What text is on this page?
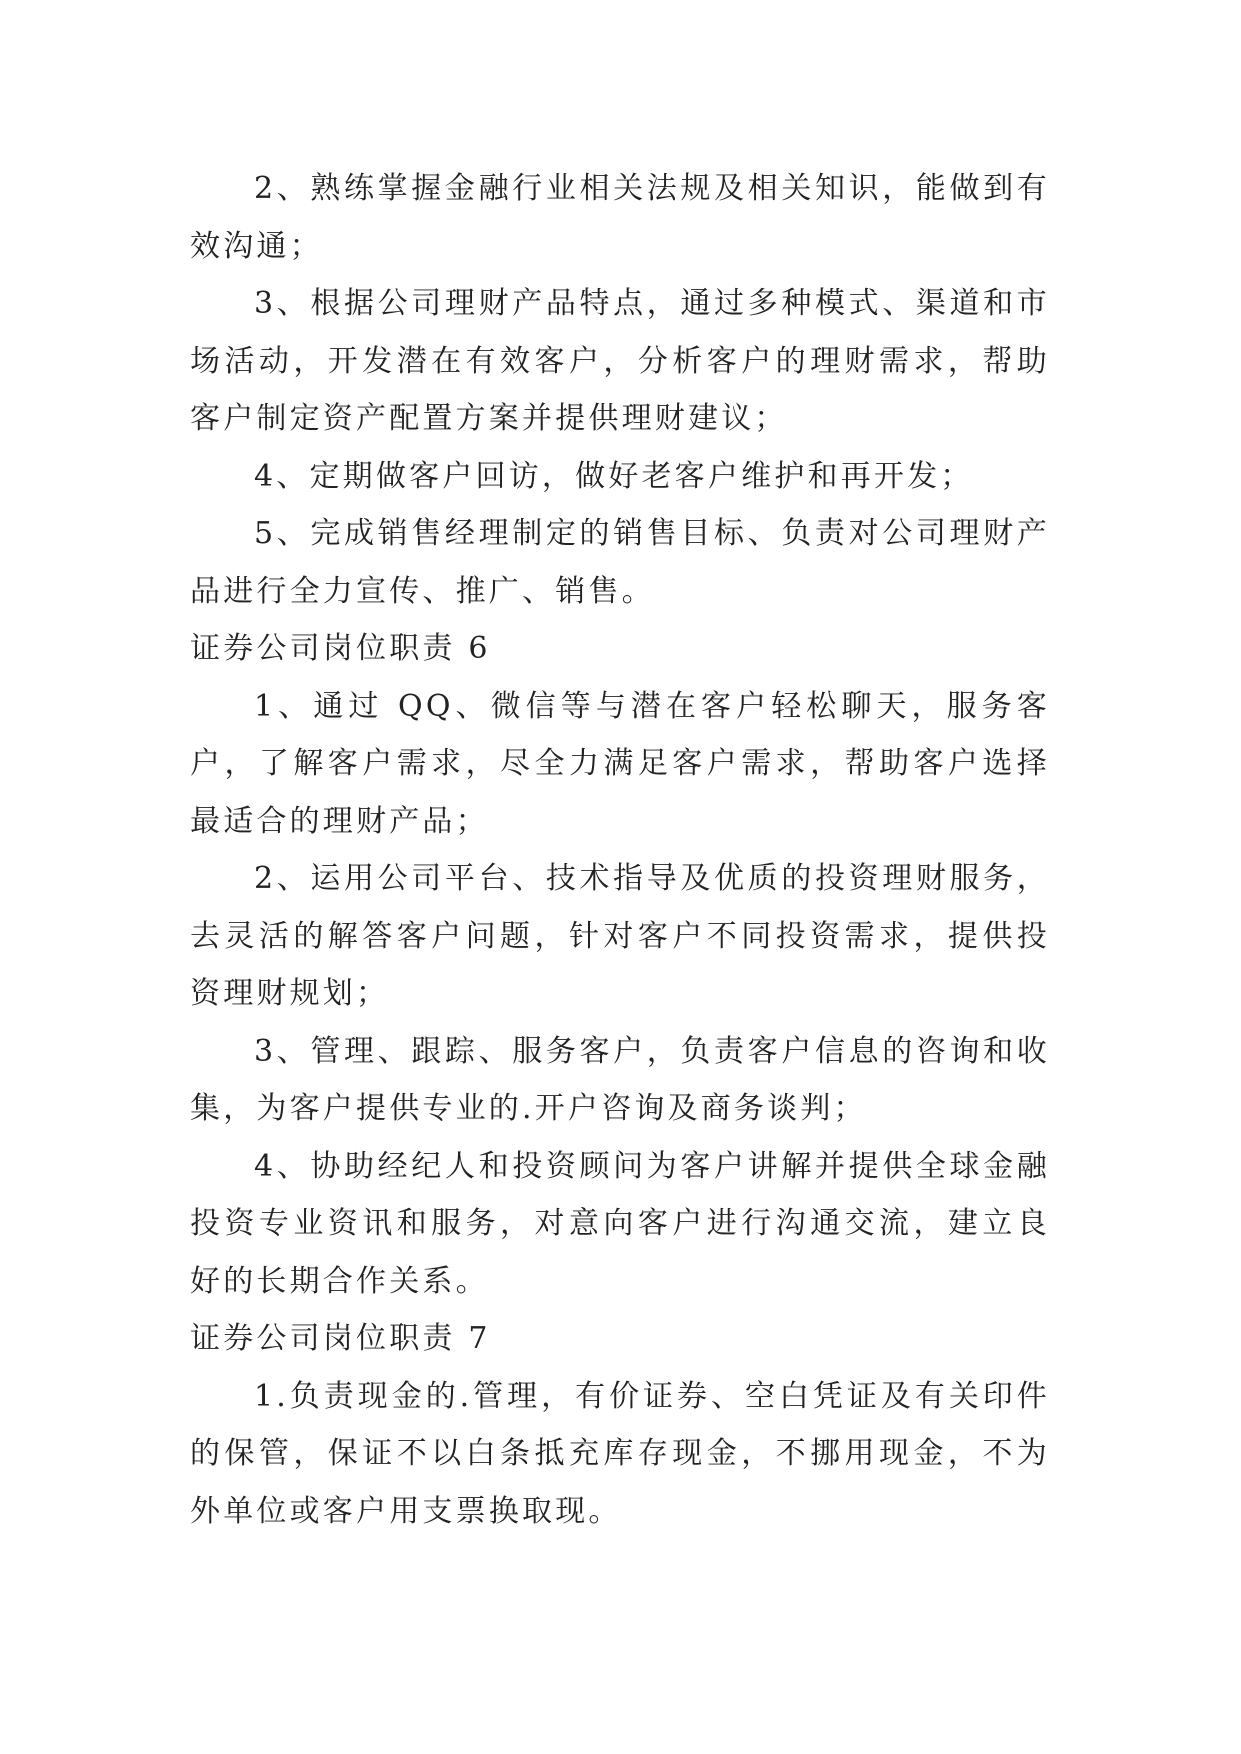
2、熟练掌握金融行业相关法规及相关知识，能做到有效沟通；

3、根据公司理财产品特点，通过多种模式、渠道和市场活动，开发潜在有效客户，分析客户的理财需求，帮助客户制定资产配置方案并提供理财建议；

4、定期做客户回访，做好老客户维护和再开发；

5、完成销售经理制定的销售目标、负责对公司理财产品进行全力宣传、推广、销售。

证券公司岗位职责 6

1、通过 QQ、微信等与潜在客户轻松聊天，服务客户，了解客户需求，尽全力满足客户需求，帮助客户选择最适合的理财产品；

2、运用公司平台、技术指导及优质的投资理财服务，去灵活的解答客户问题，针对客户不同投资需求，提供投资理财规划；

3、管理、跟踪、服务客户，负责客户信息的咨询和收集，为客户提供专业的.开户咨询及商务谈判；

4、协助经纪人和投资顾问为客户讲解并提供全球金融投资专业资讯和服务，对意向客户进行沟通交流，建立良好的长期合作关系。

证券公司岗位职责 7

1.负责现金的.管理，有价证券、空白凭证及有关印件的保管，保证不以白条抵充库存现金，不挪用现金，不为外单位或客户用支票换取现。
